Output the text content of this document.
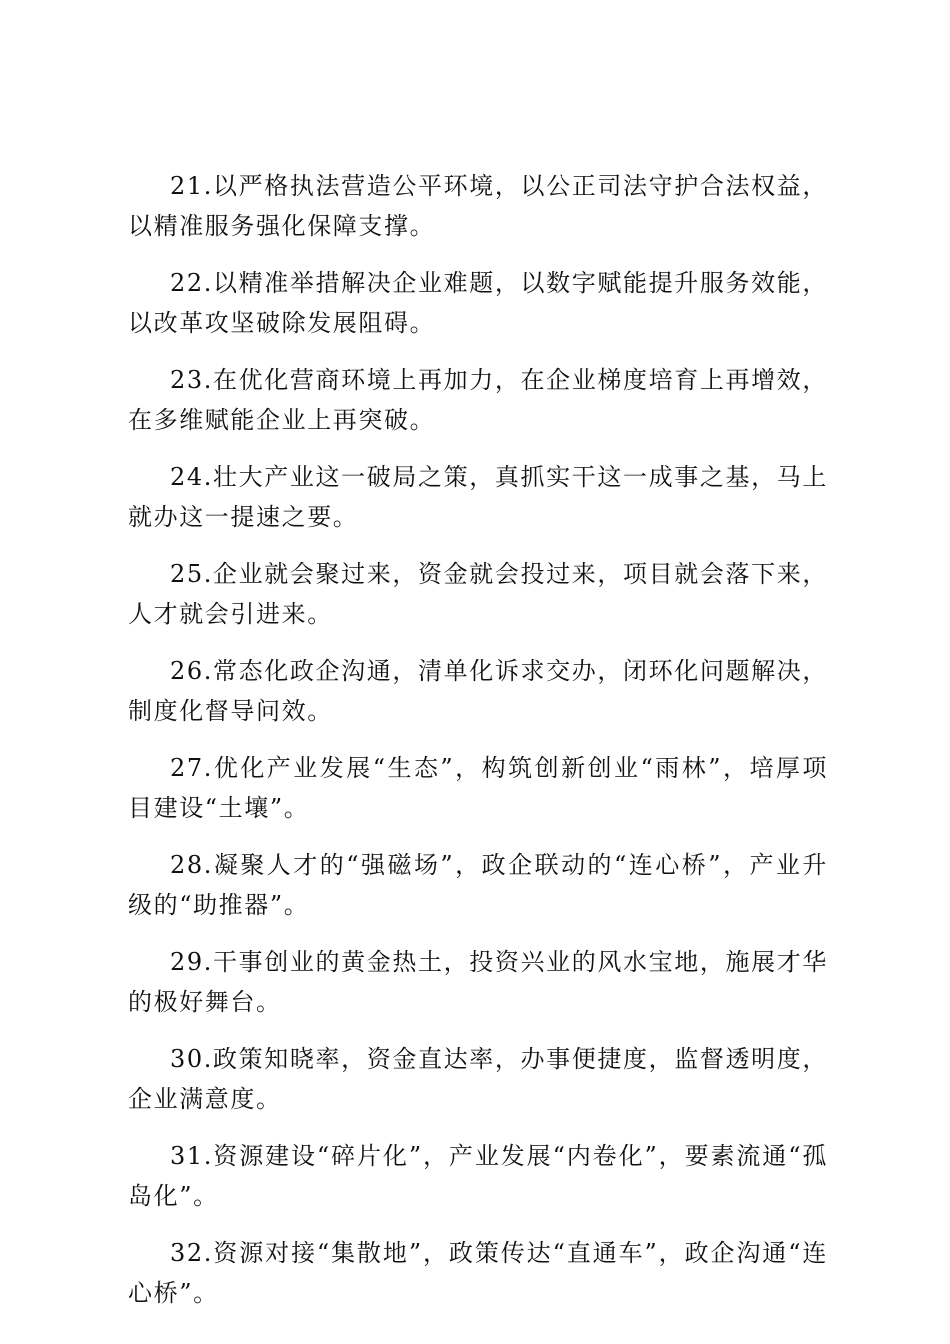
21.以严格执法营造公平环境，以公正司法守护合法权益，以精准服务强化保障支撑。

22.以精准举措解决企业难题，以数字赋能提升服务效能，以改革攻坚破除发展阻碍。

23.在优化营商环境上再加力，在企业梯度培育上再增效，在多维赋能企业上再突破。

24.壮大产业这一破局之策，真抓实干这一成事之基，马上就办这一提速之要。

25.企业就会聚过来，资金就会投过来，项目就会落下来，人才就会引进来。

26.常态化政企沟通，清单化诉求交办，闭环化问题解决，制度化督导问效。

27.优化产业发展“生态”，构筑创新创业“雨林”，培厚项目建设“土壤”。

28.凝聚人才的“强磁场”，政企联动的“连心桥”，产业升级的“助推器”。

29.干事创业的黄金热土，投资兴业的风水宝地，施展才华的极好舞台。

30.政策知晓率，资金直达率，办事便捷度，监督透明度，企业满意度。

31.资源建设“碎片化”，产业发展“内卷化”，要素流通“孤岛化”。

32.资源对接“集散地”，政策传达“直通车”，政企沟通“连心桥”。
